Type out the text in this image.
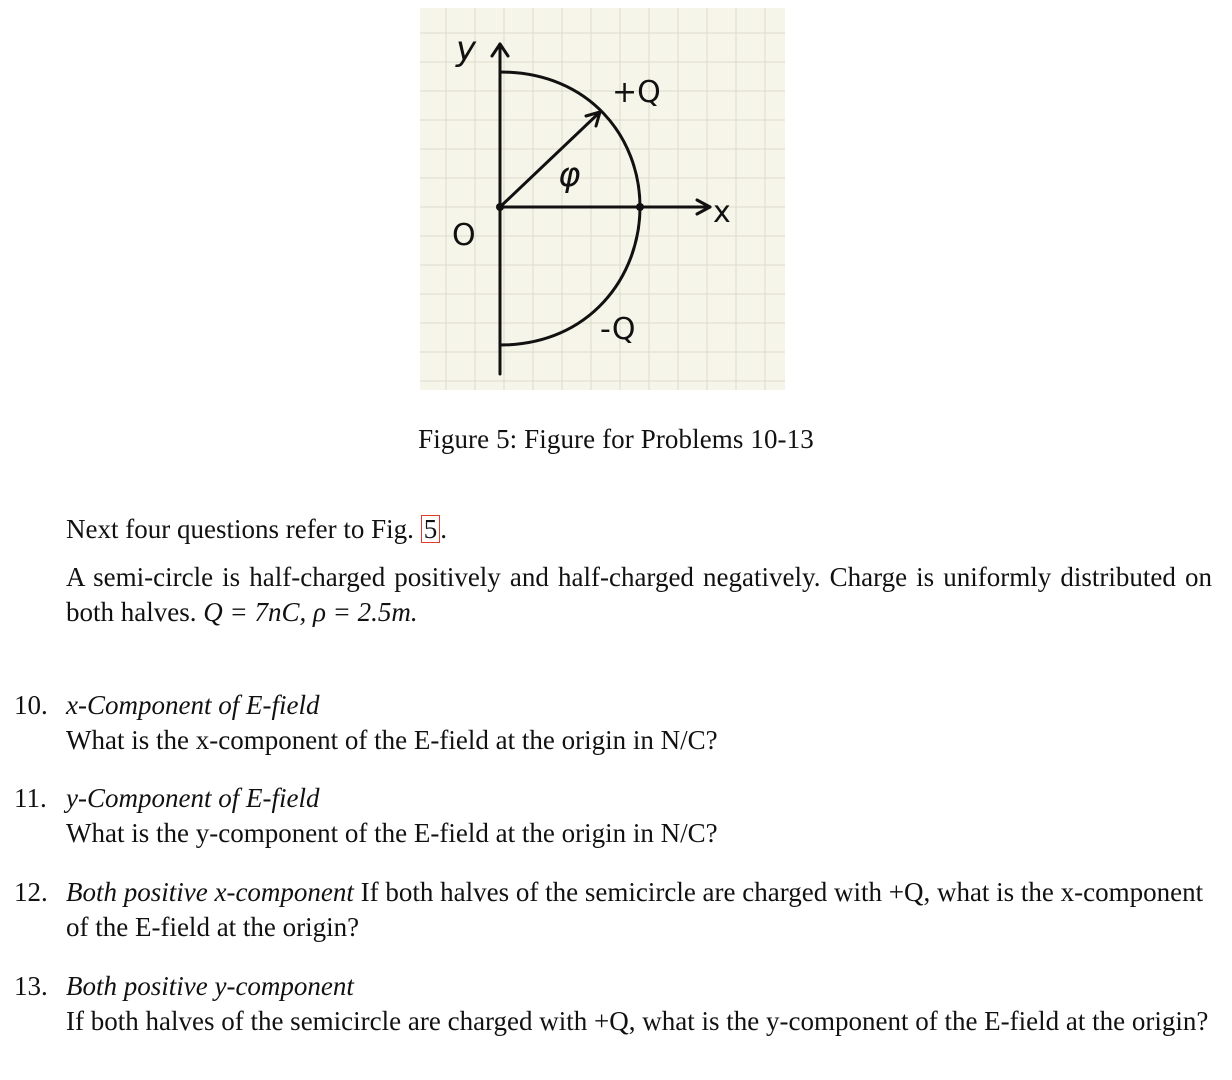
y
x
O
φ
+Q
-Q
Figure 5: Figure for Problems 10-13
Next four questions refer to Fig. 5 .
A semi-circle is half-charged positively and half-charged negatively. Charge is uniformly distributed on both halves. Q = 7nC, ρ = 2.5m.
10. x-Component of E-field
What is the x-component of the E-field at the origin in N/C?
11. y-Component of E-field
What is the y-component of the E-field at the origin in N/C?
12. Both positive x-component If both halves of the semicircle are charged with +Q, what is the x-component of the E-field at the origin?
13. Both positive y-component
If both halves of the semicircle are charged with +Q, what is the y-component of the E-field at the origin?
